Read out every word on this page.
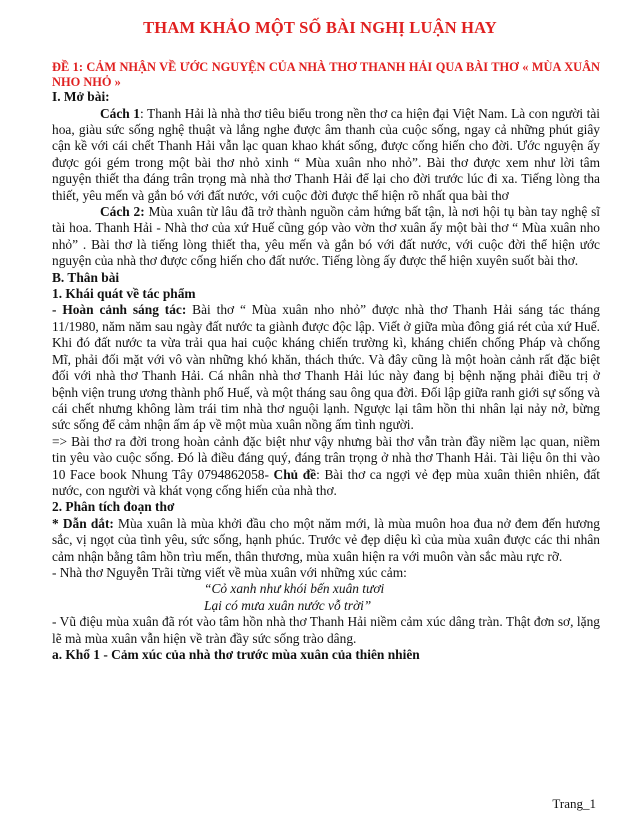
THAM KHẢO MỘT SỐ BÀI NGHỊ LUẬN HAY

ĐỀ 1: CẢM NHẬN VỀ ƯỚC NGUYỆN CỦA NHÀ THƠ THANH HẢI QUA BÀI THƠ « MÙA XUÂN NHO NHỎ »

I. Mở bài:

Cách 1: Thanh Hải là nhà thơ tiêu biểu trong nền thơ ca hiện đại Việt Nam. Là con người tài hoa, giàu sức sống nghệ thuật và lắng nghe được âm thanh của cuộc sống, ngay cả những phút giây cận kề với cái chết Thanh Hải vẫn lạc quan khao khát sống, được cống hiến cho đời. Ước nguyện ấy được gói gém trong một bài thơ nhỏ xinh “ Mùa xuân nho nhỏ”. Bài thơ được xem như lời tâm nguyện thiết tha đáng trân trọng mà nhà thơ Thanh Hải để lại cho đời trước lúc đi xa. Tiếng lòng tha thiết, yêu mến và gắn bó với đất nước, với cuộc đời được thể hiện rõ nhất qua bài thơ

Cách 2: Mùa xuân từ lâu đã trở thành nguồn cảm hứng bất tận, là nơi hội tụ bàn tay nghệ sĩ tài hoa. Thanh Hải - Nhà thơ của xứ Huế cũng góp vào vờn thơ xuân ấy một bài thơ “ Mùa xuân nho nhỏ” . Bài thơ là tiếng lòng thiết tha, yêu mến và gắn bó với đất nước, với cuộc đời thể hiện ước nguyện của nhà thơ được cống hiến cho đất nước. Tiếng lòng ấy được thể hiện xuyên suốt bài thơ.

B. Thân bài

1. Khái quát về tác phẩm

- Hoàn cảnh sáng tác: Bài thơ “ Mùa xuân nho nhỏ” được nhà thơ Thanh Hải sáng tác tháng 11/1980, năm năm sau ngày đất nước ta giành được độc lập. Viết ở giữa mùa đông giá rét của xứ Huế. Khi đó đất nước ta vừa trải qua hai cuộc kháng chiến trường kì, kháng chiến chống Pháp và chống Mĩ, phải đối mặt với vô vàn những khó khăn, thách thức. Và đây cũng là một hoàn cảnh rất đặc biệt đối với nhà thơ Thanh Hải. Cá nhân nhà thơ Thanh Hải lúc này đang bị bệnh nặng phải điều trị ở bệnh viện trung ương thành phố Huế, và một tháng sau ông qua đời. Đối lập giữa ranh giới sự sống và cái chết nhưng không làm trái tim nhà thơ nguội lạnh. Ngược lại tâm hồn thi nhân lại nảy nở, bừng sức sống để cảm nhận ấm áp về một mùa xuân nồng ấm tình người.

=> Bài thơ ra đời trong hoàn cảnh đặc biệt như vậy nhưng bài thơ vẫn tràn đầy niềm lạc quan, niềm tin yêu vào cuộc sống. Đó là điều đáng quý, đáng trân trọng ở nhà thơ Thanh Hải. Tài liệu ôn thi vào 10 Face book Nhung Tây 0794862058- Chủ đề: Bài thơ ca ngợi vẻ đẹp mùa xuân thiên nhiên, đất nước, con người và khát vọng cống hiến của nhà thơ.

2. Phân tích đoạn thơ

* Dẫn dắt: Mùa xuân là mùa khởi đầu cho một năm mới, là mùa muôn hoa đua nở đem đến hương sắc, vị ngọt của tình yêu, sức sống, hạnh phúc. Trước vẻ đẹp diệu kì của mùa xuân được các thi nhân cảm nhận bằng tâm hồn trìu mến, thân thương, mùa xuân hiện ra với muôn vàn sắc màu rực rỡ.

- Nhà thơ Nguyễn Trãi từng viết về mùa xuân với những xúc cảm:

“Cỏ xanh như khói bến xuân tươi

Lại có mưa xuân nước vỗ trời”

- Vũ điệu mùa xuân đã rót vào tâm hồn nhà thơ Thanh Hải niềm cảm xúc dâng tràn. Thật đơn sơ, lặng lẽ mà mùa xuân vẫn hiện về tràn đầy sức sống trào dâng.

a. Khổ 1 - Cảm xúc của nhà thơ trước mùa xuân của thiên nhiên

Trang_1
